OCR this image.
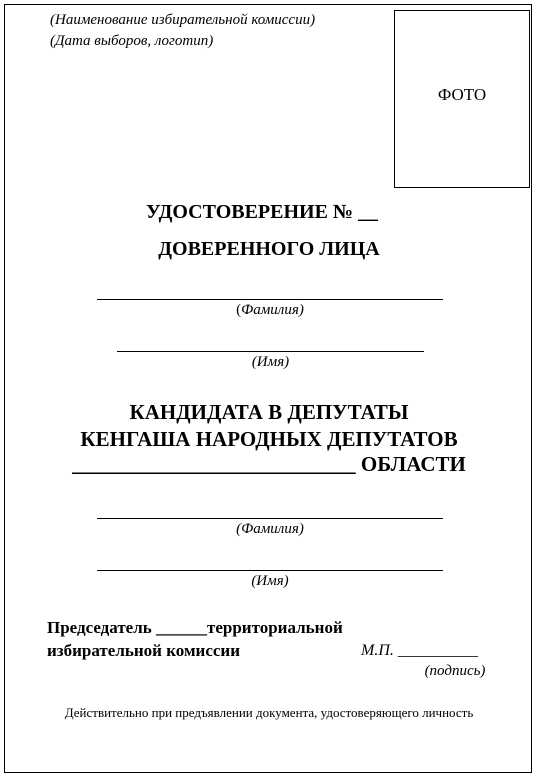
(Наименование избирательной комиссии)
(Дата выборов, логотип)
ФОТО
УДОСТОВЕРЕНИЕ № __
ДОВЕРЕННОГО ЛИЦА
(Фамилия)
(Имя)
КАНДИДАТА В ДЕПУТАТЫ
КЕНГАША НАРОДНЫХ ДЕПУТАТОВ
___________________________ ОБЛАСТИ
(Фамилия)
(Имя)
Председатель ______территориальной
избирательной комиссии	М.П. __________
(подпись)
Действительно при предъявлении документа, удостоверяющего личность
